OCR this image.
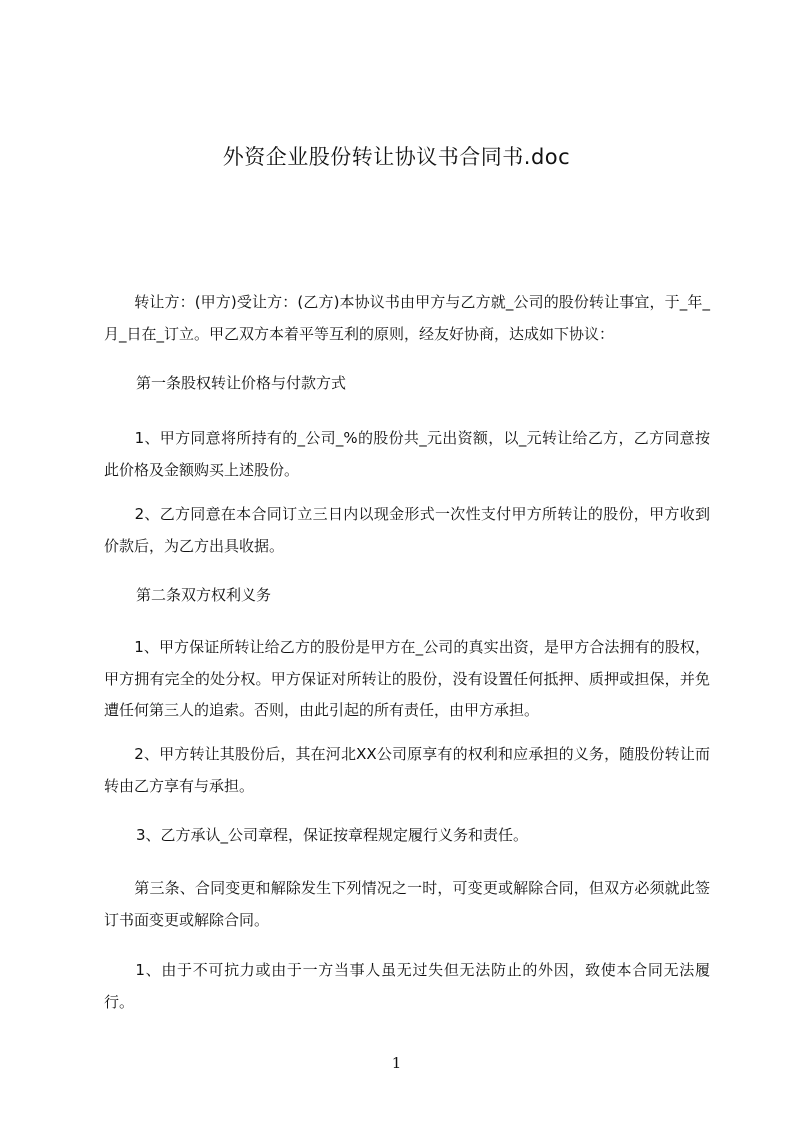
外资企业股份转让协议书合同书.doc

　　转让方：(甲方)受让方：(乙方)本协议书由甲方与乙方就_公司的股份转让事宜，于_年_月_日在_订立。甲乙双方本着平等互利的原则，经友好协商，达成如下协议：

第一条股权转让价格与付款方式

　　1、甲方同意将所持有的_公司_%的股份共_元出资额，以_元转让给乙方，乙方同意按此价格及金额购买上述股份。

　　2、乙方同意在本合同订立三日内以现金形式一次性支付甲方所转让的股份，甲方收到价款后，为乙方出具收据。

第二条双方权利义务

　　1、甲方保证所转让给乙方的股份是甲方在_公司的真实出资，是甲方合法拥有的股权，甲方拥有完全的处分权。甲方保证对所转让的股份，没有设置任何抵押、质押或担保，并免遭任何第三人的追索。否则，由此引起的所有责任，由甲方承担。

　　2、甲方转让其股份后，其在河北XX公司原享有的权利和应承担的义务，随股份转让而转由乙方享有与承担。

3、乙方承认_公司章程，保证按章程规定履行义务和责任。

　　第三条、合同变更和解除发生下列情况之一时，可变更或解除合同，但双方必须就此签订书面变更或解除合同。

　　1、由于不可抗力或由于一方当事人虽无过失但无法防止的外因，致使本合同无法履行。

1
